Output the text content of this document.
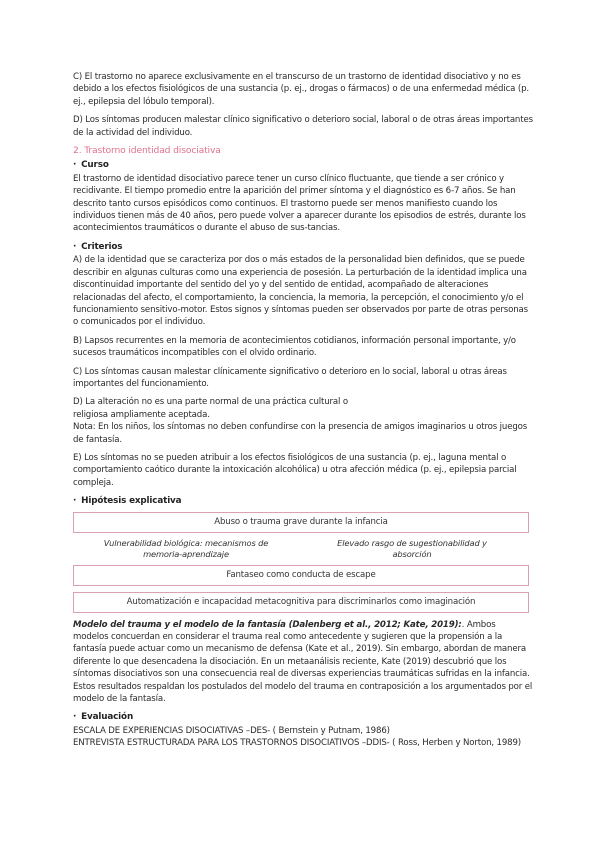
C) El trastorno no aparece exclusivamente en el transcurso de un trastorno de identidad disociativo y no es debido a los efectos fisiológicos de una sustancia (p. ej., drogas o fármacos) o de una enfermedad médica (p. ej., epilepsia del lóbulo temporal).

D) Los síntomas producen malestar clínico significativo o deterioro social, laboral o de otras áreas importantes de la actividad del individuo.

2. Trastorno identidad disociativa

· Curso

El trastorno de identidad disociativo parece tener un curso clínico fluctuante, que tiende a ser crónico y recidivante. El tiempo promedio entre la aparición del primer síntoma y el diagnóstico es 6-7 años. Se han descrito tanto cursos episódicos como continuos. El trastorno puede ser menos manifiesto cuando los individuos tienen más de 40 años, pero puede volver a aparecer durante los episodios de estrés, durante los acontecimientos traumáticos o durante el abuso de sus-tancias.

· Criterios

A) de la identidad que se caracteriza por dos o más estados de la personalidad bien definidos, que se puede describir en algunas culturas como una experiencia de posesión. La perturbación de la identidad implica una discontinuidad importante del sentido del yo y del sentido de entidad, acompañado de alteraciones relacionadas del afecto, el comportamiento, la conciencia, la memoria, la percepción, el conocimiento y/o el funcionamiento sensitivo-motor. Estos signos y síntomas pueden ser observados por parte de otras personas o comunicados por el individuo.

B) Lapsos recurrentes en la memoria de acontecimientos cotidianos, información personal importante, y/o sucesos traumáticos incompatibles con el olvido ordinario.

C) Los síntomas causan malestar clínicamente significativo o deterioro en lo social, laboral u otras áreas importantes del funcionamiento.

D) La alteración no es una parte normal de una práctica cultural o

religiosa ampliamente aceptada.

Nota: En los niños, los síntomas no deben confundirse con la presencia de amigos imaginarios u otros juegos de fantasía.

E) Los síntomas no se pueden atribuir a los efectos fisiológicos de una sustancia (p. ej., laguna mental o comportamiento caótico durante la intoxicación alcohólica) u otra afección médica (p. ej., epilepsia parcial compleja.

· Hipótesis explicativa

Abuso o trauma grave durante la infancia
Vulnerabilidad biológica: mecanismos de memoria-aprendizaje
Elevado rasgo de sugestionabilidad y absorción
Fantaseo como conducta de escape
Automatización e incapacidad metacognitiva para discriminarlos como imaginación

Modelo del trauma y el modelo de la fantasía (Dalenberg et al., 2012; Kate, 2019):. Ambos modelos concuerdan en considerar el trauma real como antecedente y sugieren que la propensión a la fantasía puede actuar como un mecanismo de defensa (Kate et al., 2019). Sin embargo, abordan de manera diferente lo que desencadena la disociación. En un metaanálisis reciente, Kate (2019) descubrió que los síntomas disociativos son una consecuencia real de diversas experiencias traumáticas sufridas en la infancia. Estos resultados respaldan los postulados del modelo del trauma en contraposición a los argumentados por el modelo de la fantasía.

· Evaluación

ESCALA DE EXPERIENCIAS DISOCIATIVAS –DES- ( Bernstein y Putnam, 1986)

ENTREVISTA ESTRUCTURADA PARA LOS TRASTORNOS DISOCIATIVOS –DDIS- ( Ross, Herben y Norton, 1989)
